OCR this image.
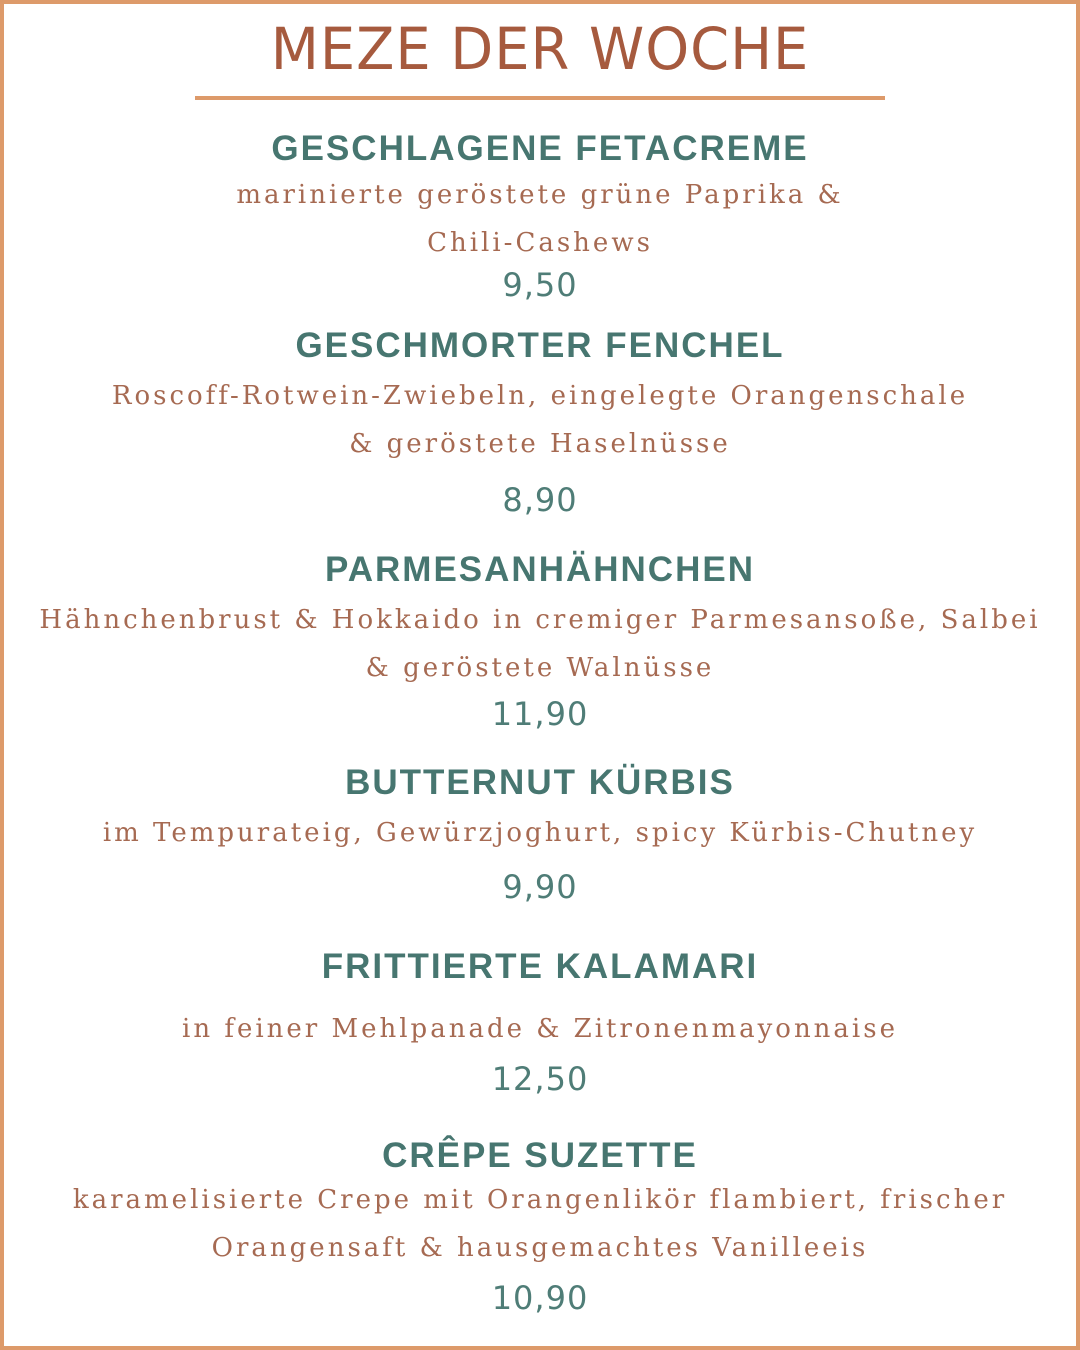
MEZE DER WOCHE

GESCHLAGENE FETACREME

marinierte geröstete grüne Paprika &

Chili-Cashews

9,50

GESCHMORTER FENCHEL

Roscoff-Rotwein-Zwiebeln, eingelegte Orangenschale

& geröstete Haselnüsse

8,90

PARMESANHÄHNCHEN

Hähnchenbrust & Hokkaido in cremiger Parmesansoße, Salbei

& geröstete Walnüsse

11,90

BUTTERNUT KÜRBIS

im Tempurateig, Gewürzjoghurt, spicy Kürbis-Chutney

9,90

FRITTIERTE KALAMARI

in feiner Mehlpanade & Zitronenmayonnaise

12,50

CRÊPE SUZETTE

karamelisierte Crepe mit Orangenlikör flambiert, frischer

Orangensaft & hausgemachtes Vanilleeis

10,90
